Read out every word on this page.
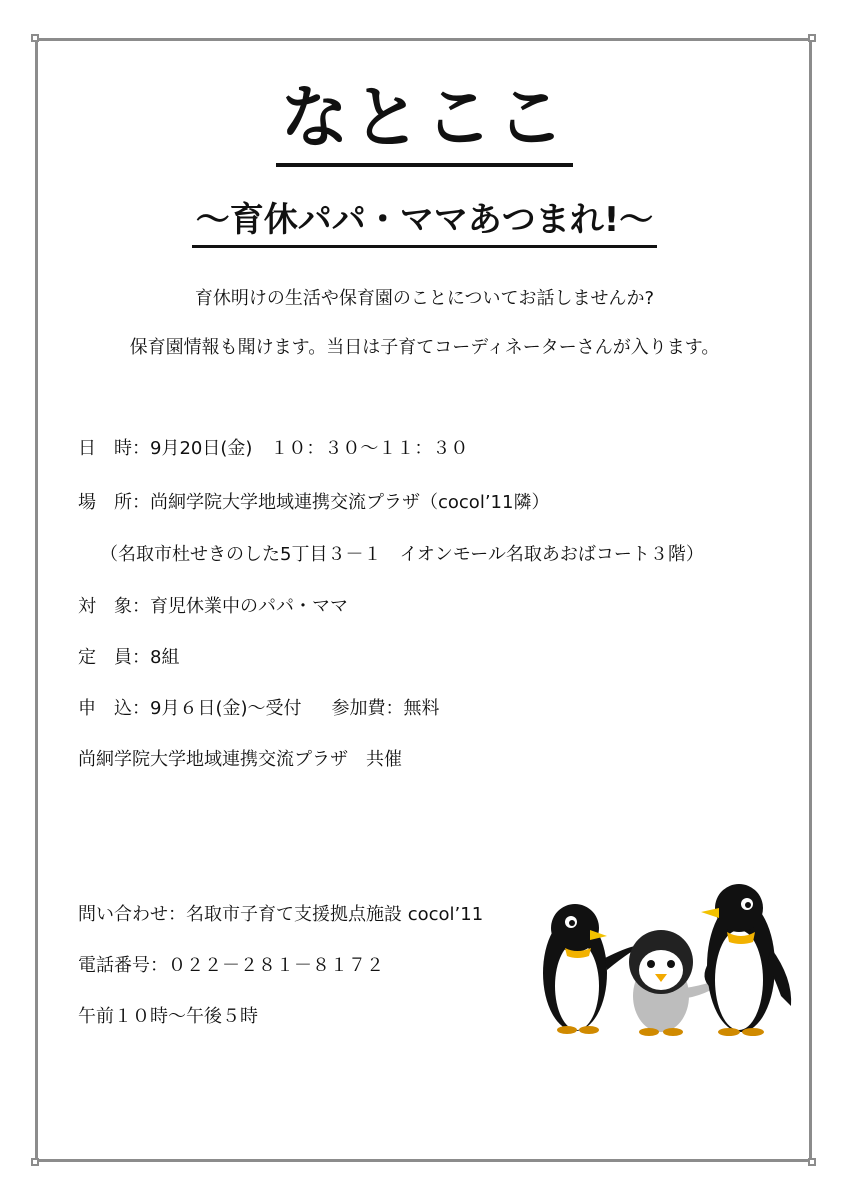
なとここ
〜育休パパ・ママあつまれ!〜
育休明けの生活や保育園のことについてお話しませんか?
保育園情報も聞けます。当日は子育てコーディネーターさんが入ります。
日　時：9月20日(金)　１０：３０〜１１：３０
場　所：尚絅学院大学地域連携交流プラザ（cocol’11隣）
（名取市杜せきのした5丁目３－１　イオンモール名取あおばコート３階）
対　象：育児休業中のパパ・ママ
定　員：8組
申　込：9月６日(金)〜受付 参加費：無料
尚絅学院大学地域連携交流プラザ　共催
問い合わせ：名取市子育て支援拠点施設 cocol’11
電話番号：０２２－２８１－８１７２
午前１０時〜午後５時
